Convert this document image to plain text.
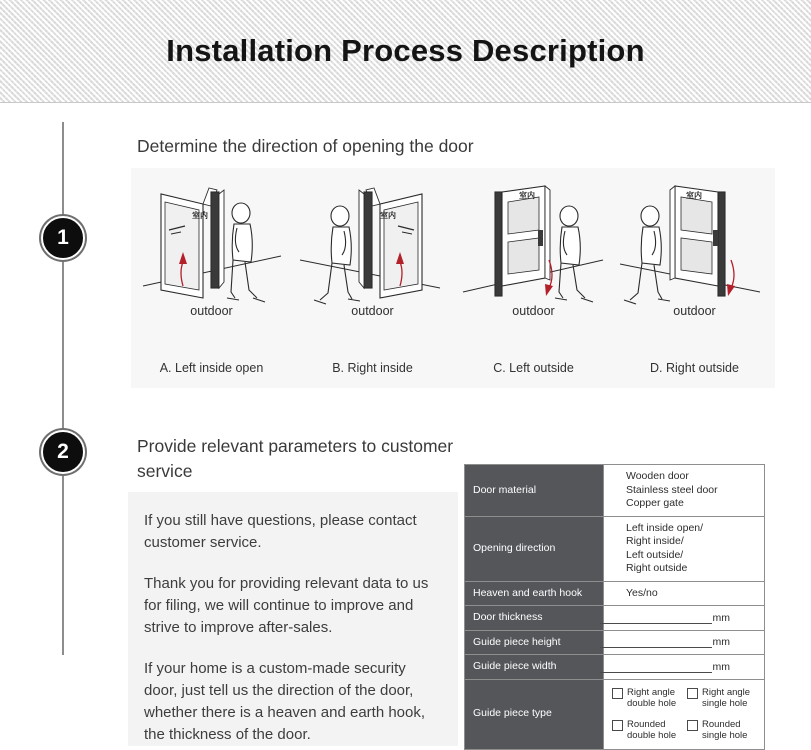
Installation Process Description
1
2
Determine the direction of opening the door
室内
outdoor
A. Left inside open
室内
outdoor
B. Right inside
室内
outdoor
C. Left outside
室内
outdoor
D. Right outside
Provide relevant parameters to customer service

If you still have questions, please contact customer service.

Thank you for providing relevant data to us for filing, we will continue to improve and strive to improve after-sales.

If your home is a custom-made security door, just tell us the direction of the door, whether there is a heaven and earth hook, the thickness of the door.

Door material	Wooden door
Stainless steel door
Copper gate

Opening direction	Left inside open/
Right inside/
Left outside/
Right outside

Heaven and earth hook	Yes/no

Door thickness	mm

Guide piece height	mm

Guide piece width	mm

Guide piece type	
Right angle
double hole
Right angle
single hole
Rounded
double hole
Rounded
single hole
